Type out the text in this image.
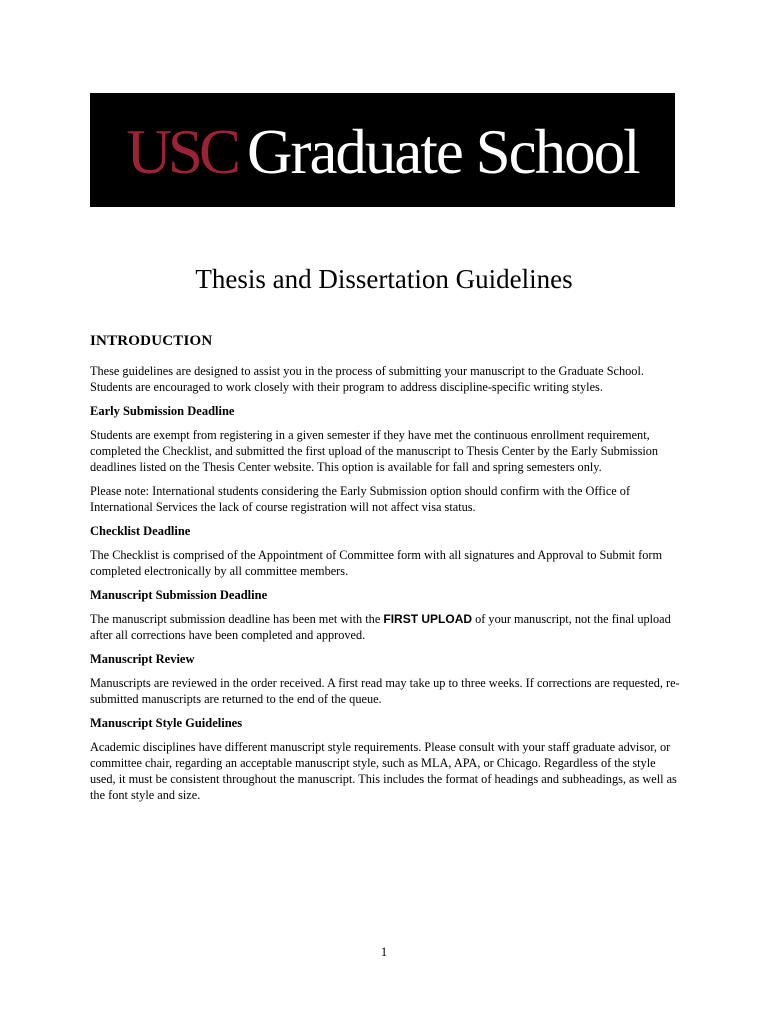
USC Graduate School
Thesis and Dissertation Guidelines
INTRODUCTION

These guidelines are designed to assist you in the process of submitting your manuscript to the Graduate School. Students are encouraged to work closely with their program to address discipline-specific writing styles.

Early Submission Deadline

Students are exempt from registering in a given semester if they have met the continuous enrollment requirement, completed the Checklist, and submitted the first upload of the manuscript to Thesis Center by the Early Submission deadlines listed on the Thesis Center website. This option is available for fall and spring semesters only.

Please note: International students considering the Early Submission option should confirm with the Office of International Services the lack of course registration will not affect visa status.

Checklist Deadline

The Checklist is comprised of the Appointment of Committee form with all signatures and Approval to Submit form completed electronically by all committee members.

Manuscript Submission Deadline

The manuscript submission deadline has been met with the FIRST UPLOAD of your manuscript, not the final upload after all corrections have been completed and approved.

Manuscript Review

Manuscripts are reviewed in the order received. A first read may take up to three weeks. If corrections are requested, re-submitted manuscripts are returned to the end of the queue.

Manuscript Style Guidelines

Academic disciplines have different manuscript style requirements. Please consult with your staff graduate advisor, or committee chair, regarding an acceptable manuscript style, such as MLA, APA, or Chicago. Regardless of the style used, it must be consistent throughout the manuscript. This includes the format of headings and subheadings, as well as the font style and size.

1
